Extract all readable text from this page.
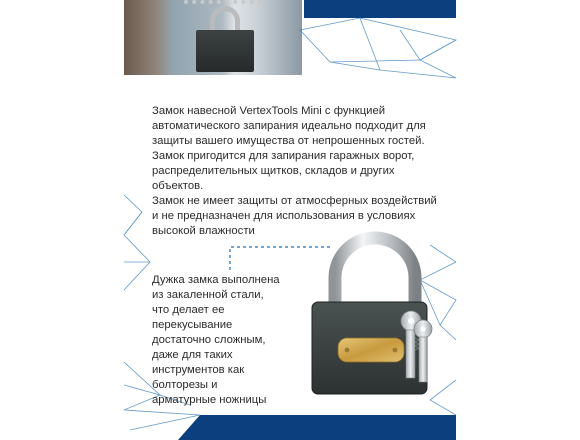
Замок навесной VertexTools Mini с функцией автоматического запирания идеально подходит для защиты вашего имущества от непрошенных гостей. Замок пригодится для запирания гаражных ворот, распределительных щитков, складов и других объектов.

Замок не имеет защиты от атмосферных воздействий и не предназначен для использования в условиях высокой влажности

Дужка замка выполнена из закаленной стали, что делает ее перекусывание достаточно сложным, даже для таких инструментов как болторезы и арматурные ножницы
